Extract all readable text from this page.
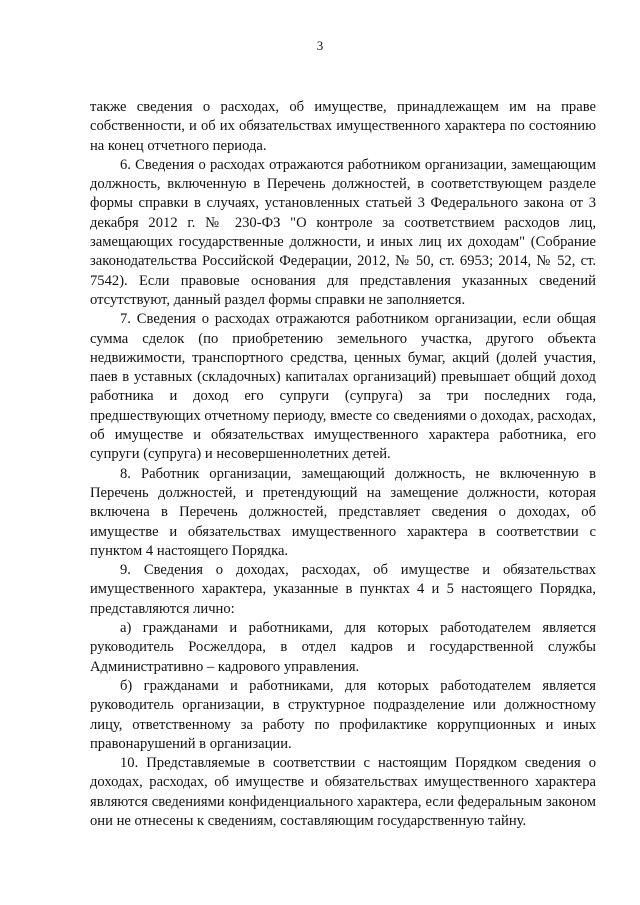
3

также сведения о расходах, об имуществе, принадлежащем им на праве собственности, и об их обязательствах имущественного характера по состоянию на конец отчетного периода.

6. Сведения о расходах отражаются работником организации, замещающим должность, включенную в Перечень должностей, в соответствующем разделе формы справки в случаях, установленных статьей 3 Федерального закона от 3 декабря 2012 г. № 230-ФЗ "О контроле за соответствием расходов лиц, замещающих государственные должности, и иных лиц их доходам" (Собрание законодательства Российской Федерации, 2012, № 50, ст. 6953; 2014, № 52, ст. 7542). Если правовые основания для представления указанных сведений отсутствуют, данный раздел формы справки не заполняется.

7. Сведения о расходах отражаются работником организации, если общая сумма сделок (по приобретению земельного участка, другого объекта недвижимости, транспортного средства, ценных бумаг, акций (долей участия, паев в уставных (складочных) капиталах организаций) превышает общий доход работника и доход его супруги (супруга) за три последних года, предшествующих отчетному периоду, вместе со сведениями о доходах, расходах, об имуществе и обязательствах имущественного характера работника, его супруги (супруга) и несовершеннолетних детей.

8. Работник организации, замещающий должность, не включенную в Перечень должностей, и претендующий на замещение должности, которая включена в Перечень должностей, представляет сведения о доходах, об имуществе и обязательствах имущественного характера в соответствии с пунктом 4 настоящего Порядка.

9. Сведения о доходах, расходах, об имуществе и обязательствах имущественного характера, указанные в пунктах 4 и 5 настоящего Порядка, представляются лично:

а) гражданами и работниками, для которых работодателем является руководитель Росжелдора, в отдел кадров и государственной службы Административно – кадрового управления.

б) гражданами и работниками, для которых работодателем является руководитель организации, в структурное подразделение или должностному лицу, ответственному за работу по профилактике коррупционных и иных правонарушений в организации.

10. Представляемые в соответствии с настоящим Порядком сведения о доходах, расходах, об имуществе и обязательствах имущественного характера являются сведениями конфиденциального характера, если федеральным законом они не отнесены к сведениям, составляющим государственную тайну.
